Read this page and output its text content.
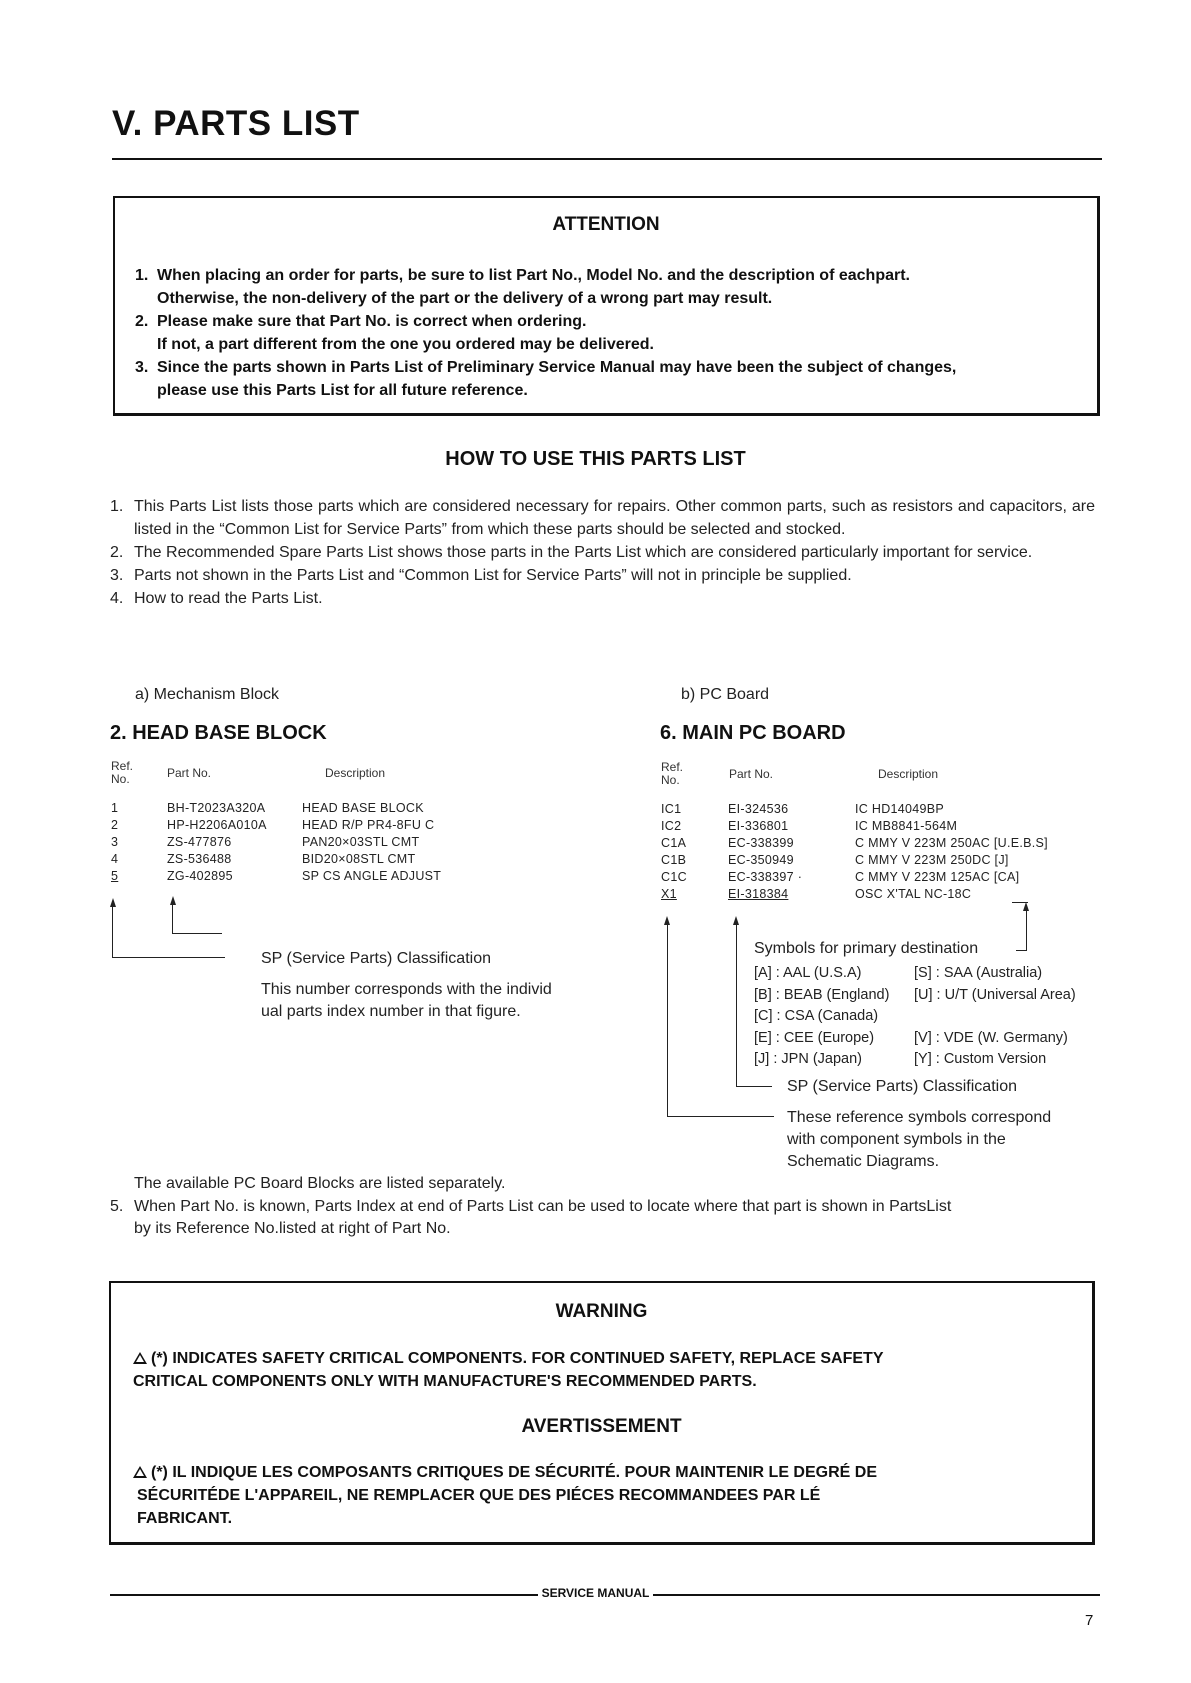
V. PARTS LIST
ATTENTION
1. When placing an order for parts, be sure to list Part No., Model No. and the description of eachpart.
Otherwise, the non-delivery of the part or the delivery of a wrong part may result.
2. Please make sure that Part No. is correct when ordering.
If not, a part different from the one you ordered may be delivered.
3. Since the parts shown in Parts List of Preliminary Service Manual may have been the subject of changes,
please use this Parts List for all future reference.
HOW TO USE THIS PARTS LIST
1. This Parts List lists those parts which are considered necessary for repairs. Other common parts, such as resistors and capacitors, are listed in the “Common List for Service Parts” from which these parts should be selected and stocked.
2. The Recommended Spare Parts List shows those parts in the Parts List which are considered particularly important for service.
3. Parts not shown in the Parts List and “Common List for Service Parts” will not in principle be supplied.
4. How to read the Parts List.
a) Mechanism Block
2. HEAD BASE BLOCK
Ref.
No.	Part No.	Description
1	BH-T2023A320A	HEAD BASE BLOCK
2	HP-H2206A010A	HEAD R/P PR4-8FU C
3	ZS-477876	PAN20×03STL CMT
4	ZS-536488	BID20×08STL CMT
5	ZG-402895	SP CS ANGLE ADJUST
SP (Service Parts) Classification
This number corresponds with the individ
ual parts index number in that figure.
b) PC Board
6. MAIN PC BOARD
Ref.
No.	Part No.	Description
IC1	EI-324536	IC HD14049BP
IC2	EI-336801	IC MB8841-564M
C1A	EC-338399	C MMY V 223M 250AC [U.E.B.S]
C1B	EC-350949	C MMY V 223M 250DC [J]
C1C	EC-338397 ·	C MMY V 223M 125AC [CA]
X1	EI-318384	OSC X'TAL NC-18C
Symbols for primary destination
[A] : AAL (U.S.A)	[S] : SAA (Australia)
[B] : BEAB (England) [U] : U/T (Universal Area)
[C] : CSA (Canada)
[E] : CEE (Europe)	[V] : VDE (W. Germany)
[J] : JPN (Japan)	[Y] : Custom Version
SP (Service Parts) Classification
These reference symbols correspond
with component symbols in the
Schematic Diagrams.
The available PC Board Blocks are listed separately.
5. When Part No. is known, Parts Index at end of Parts List can be used to locate where that part is shown in PartsList
by its Reference No.listed at right of Part No.
WARNING
(*) INDICATES SAFETY CRITICAL COMPONENTS. FOR CONTINUED SAFETY, REPLACE SAFETY
CRITICAL COMPONENTS ONLY WITH MANUFACTURE'S RECOMMENDED PARTS.
AVERTISSEMENT
(*) IL INDIQUE LES COMPOSANTS CRITIQUES DE SÉCURITÉ. POUR MAINTENIR LE DEGRÉ DE
SÉCURITÉDE L'APPAREIL, NE REMPLACER QUE DES PIÉCES RECOMMANDEES PAR LÉ
FABRICANT.
SERVICE MANUAL
7
